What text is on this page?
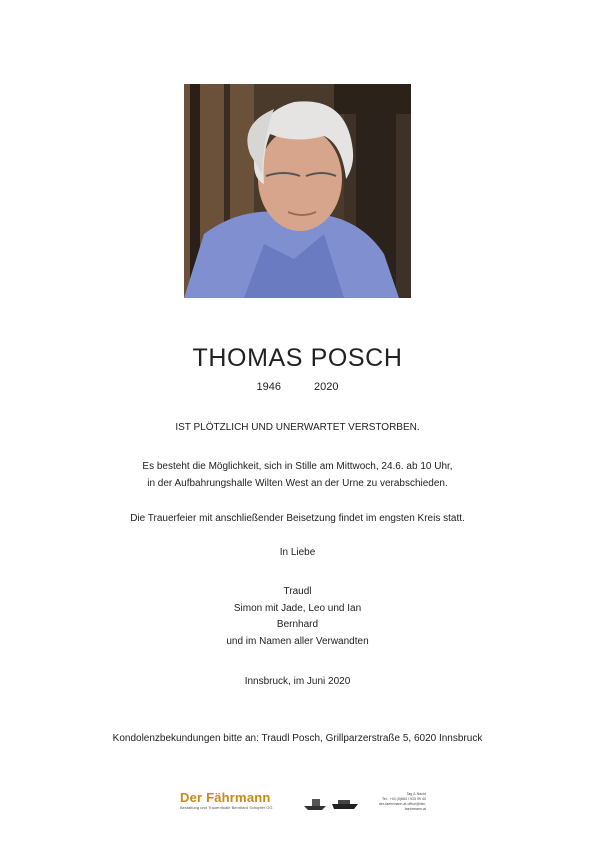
THOMAS POSCH
1946	2020
IST PLÖTZLICH UND UNERWARTET VERSTORBEN.
Es besteht die Möglichkeit, sich in Stille am Mittwoch, 24.6. ab 10 Uhr,
in der Aufbahrungshalle Wilten West an der Urne zu verabschieden.
Die Trauerfeier mit anschließender Beisetzung findet im engsten Kreis statt.
In Liebe
Traudl
Simon mit Jade, Leo und Ian
Bernhard
und im Namen aller Verwandten
Innsbruck, im Juni 2020
Kondolenzbekundungen bitte an: Traudl Posch, Grillparzerstraße 5, 6020 Innsbruck
Der Fährmann
Bestattung und Trauerrituale Bernhard Schopfer OG
Tag & Nacht
Tel.: +43 (0)664 / 915 99 40
der-faehrmann.at office@der-faehrmann.at
